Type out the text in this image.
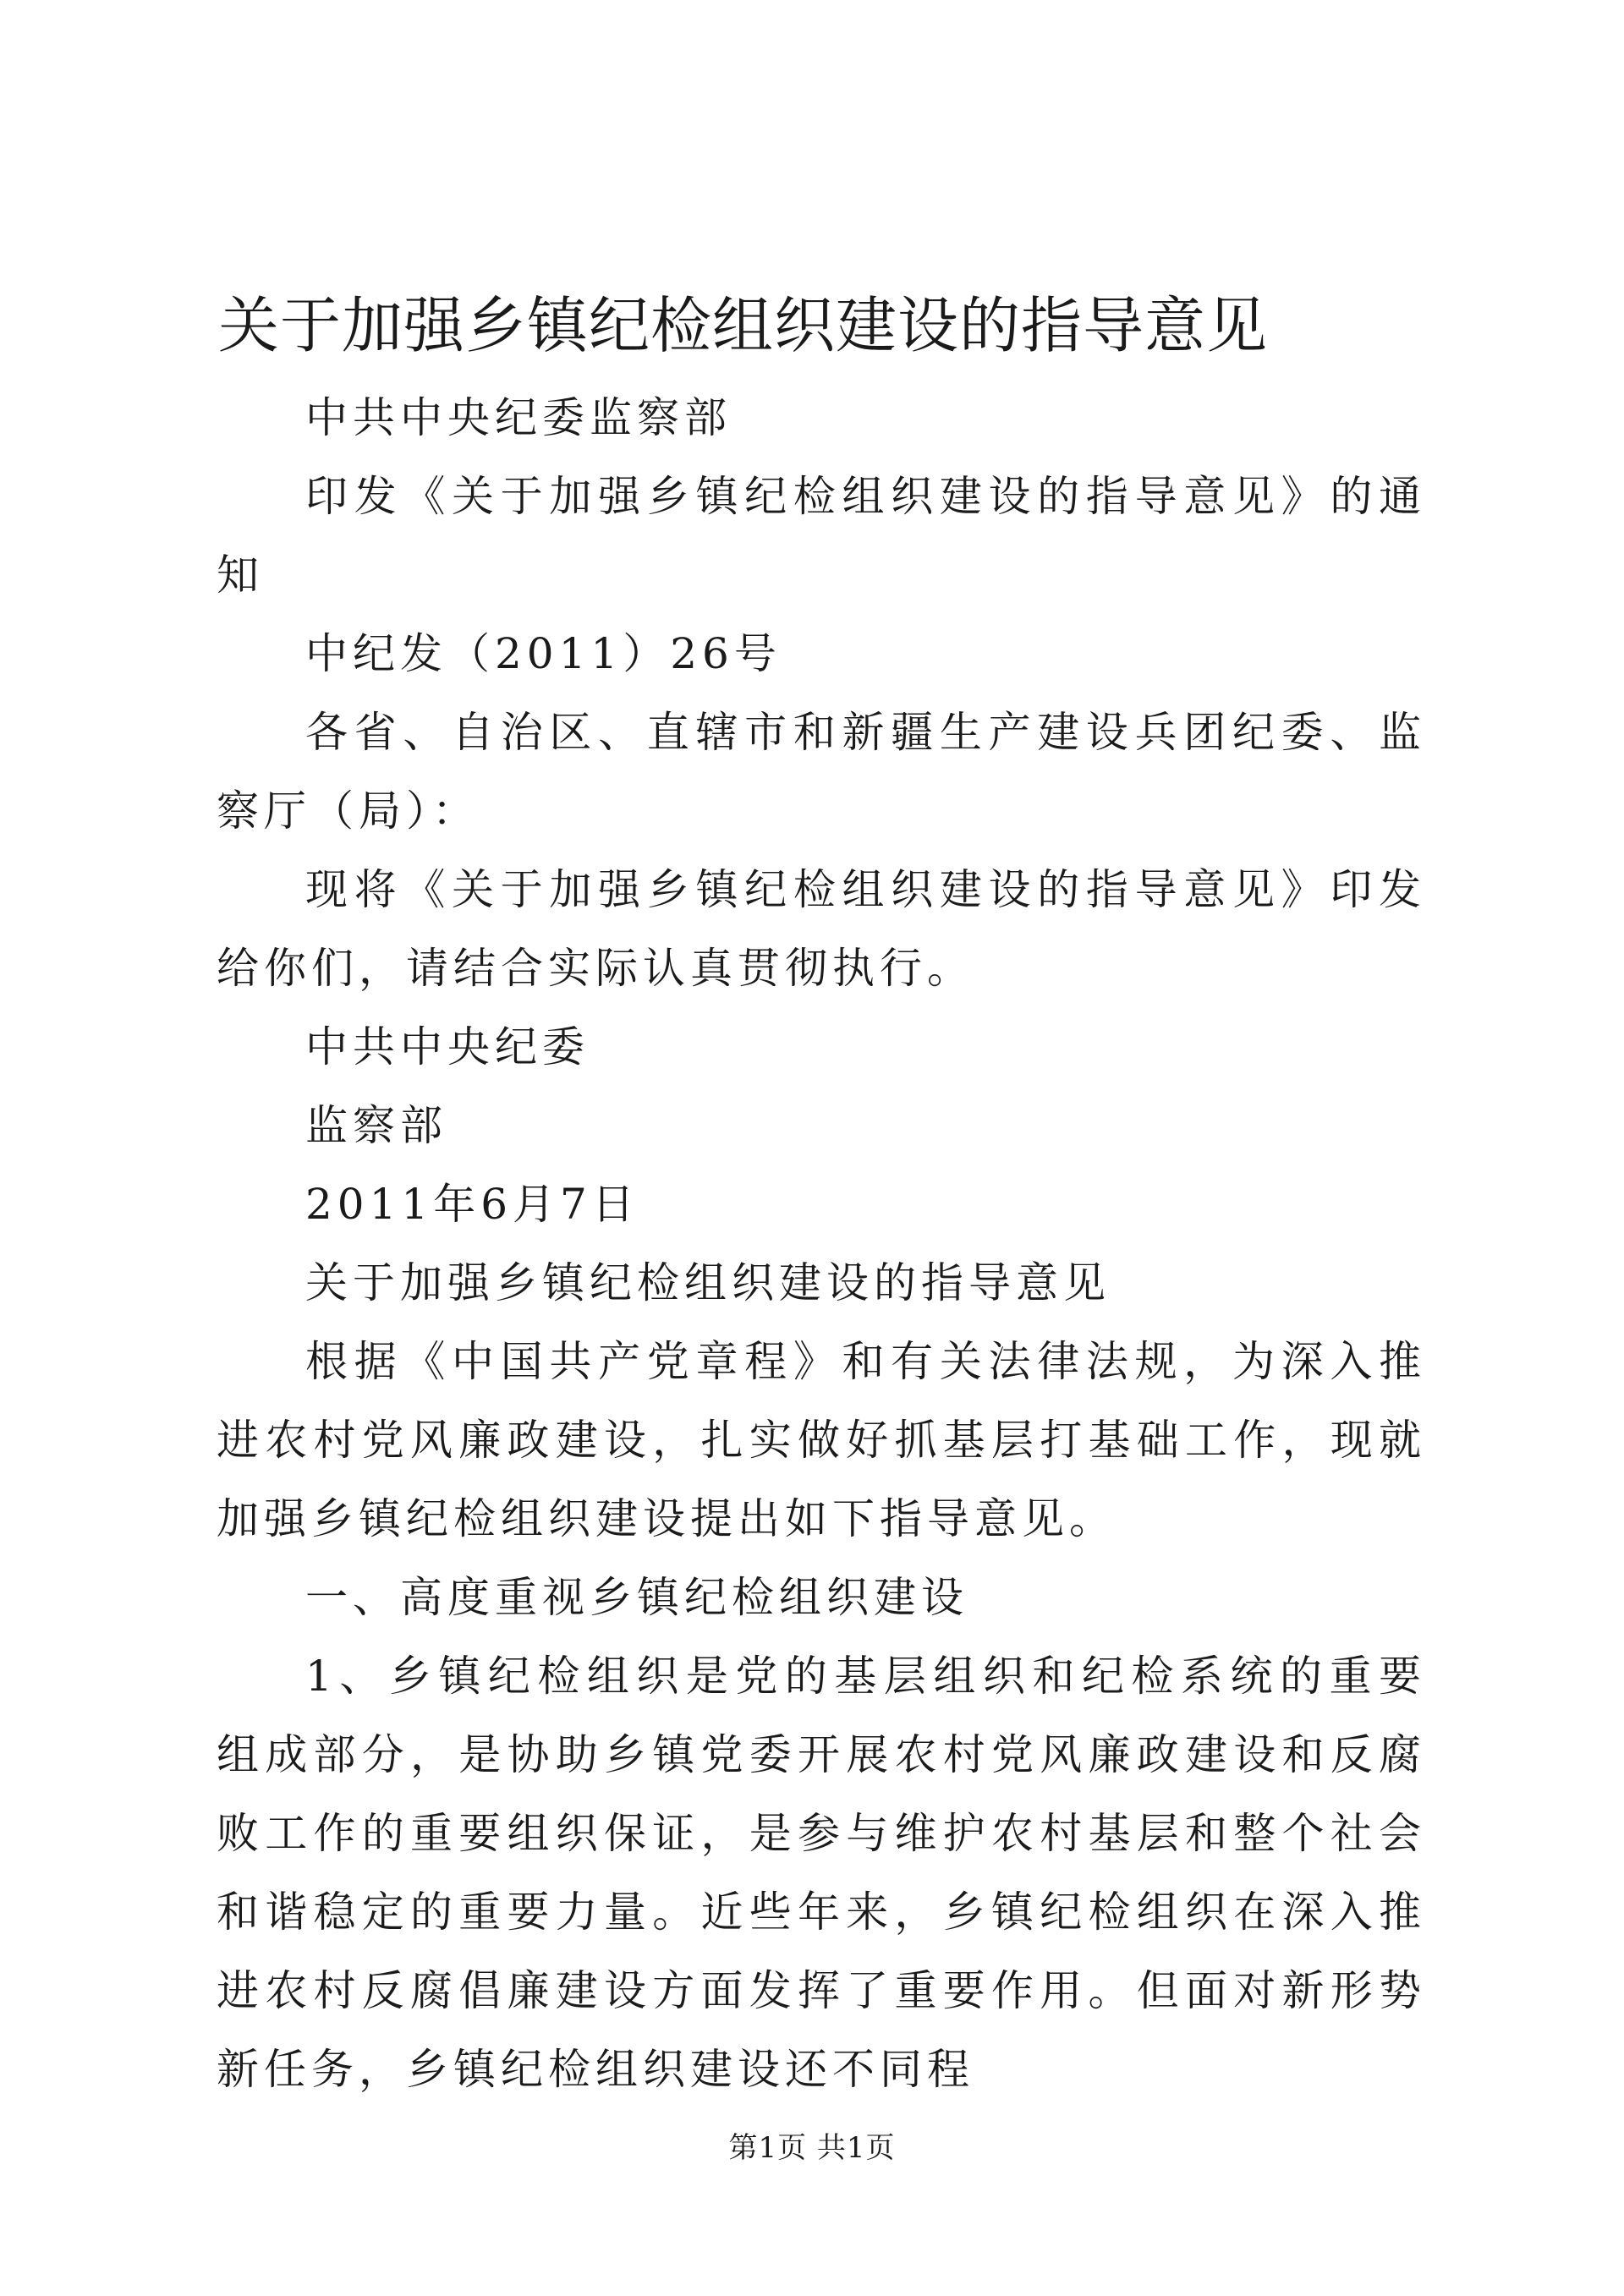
关于加强乡镇纪检组织建设的指导意见

中共中央纪委监察部

印发《关于加强乡镇纪检组织建设的指导意见》的通知

中纪发（2011）26号

各省、自治区、直辖市和新疆生产建设兵团纪委、监察厅（局）：

现将《关于加强乡镇纪检组织建设的指导意见》印发给你们，请结合实际认真贯彻执行。

中共中央纪委

监察部

2011年6月7日

关于加强乡镇纪检组织建设的指导意见

根据《中国共产党章程》和有关法律法规，为深入推进农村党风廉政建设，扎实做好抓基层打基础工作，现就加强乡镇纪检组织建设提出如下指导意见。

一、高度重视乡镇纪检组织建设

1、乡镇纪检组织是党的基层组织和纪检系统的重要组成部分，是协助乡镇党委开展农村党风廉政建设和反腐败工作的重要组织保证，是参与维护农村基层和整个社会和谐稳定的重要力量。近些年来，乡镇纪检组织在深入推进农村反腐倡廉建设方面发挥了重要作用。但面对新形势新任务，乡镇纪检组织建设还不同程

第1页 共1页
